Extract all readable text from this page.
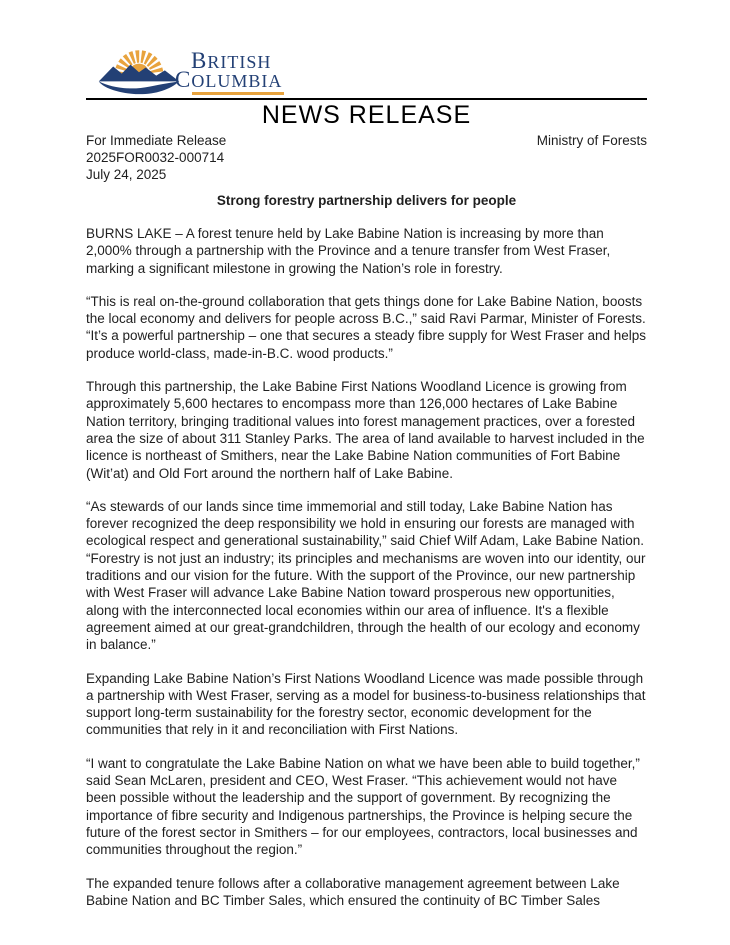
BRITISH
COLUMBIA
NEWS RELEASE
For Immediate Release
2025FOR0032-000714
July 24, 2025
Ministry of Forests
Strong forestry partnership delivers for people

BURNS LAKE – A forest tenure held by Lake Babine Nation is increasing by more than 2,000% through a partnership with the Province and a tenure transfer from West Fraser, marking a significant milestone in growing the Nation’s role in forestry.

“This is real on-the-ground collaboration that gets things done for Lake Babine Nation, boosts the local economy and delivers for people across B.C.,” said Ravi Parmar, Minister of Forests. “It’s a powerful partnership – one that secures a steady fibre supply for West Fraser and helps produce world-class, made-in-B.C. wood products.”

Through this partnership, the Lake Babine First Nations Woodland Licence is growing from approximately 5,600 hectares to encompass more than 126,000 hectares of Lake Babine Nation territory, bringing traditional values into forest management practices, over a forested area the size of about 311 Stanley Parks. The area of land available to harvest included in the licence is northeast of Smithers, near the Lake Babine Nation communities of Fort Babine (Wit’at) and Old Fort around the northern half of Lake Babine.

“As stewards of our lands since time immemorial and still today, Lake Babine Nation has forever recognized the deep responsibility we hold in ensuring our forests are managed with ecological respect and generational sustainability,” said Chief Wilf Adam, Lake Babine Nation. “Forestry is not just an industry; its principles and mechanisms are woven into our identity, our traditions and our vision for the future. With the support of the Province, our new partnership with West Fraser will advance Lake Babine Nation toward prosperous new opportunities, along with the interconnected local economies within our area of influence. It's a flexible agreement aimed at our great-grandchildren, through the health of our ecology and economy in balance.”

Expanding Lake Babine Nation’s First Nations Woodland Licence was made possible through a partnership with West Fraser, serving as a model for business-to-business relationships that support long-term sustainability for the forestry sector, economic development for the communities that rely in it and reconciliation with First Nations.

“I want to congratulate the Lake Babine Nation on what we have been able to build together,” said Sean McLaren, president and CEO, West Fraser. “This achievement would not have been possible without the leadership and the support of government. By recognizing the importance of fibre security and Indigenous partnerships, the Province is helping secure the future of the forest sector in Smithers – for our employees, contractors, local businesses and communities throughout the region.”

The expanded tenure follows after a collaborative management agreement between Lake Babine Nation and BC Timber Sales, which ensured the continuity of BC Timber Sales
